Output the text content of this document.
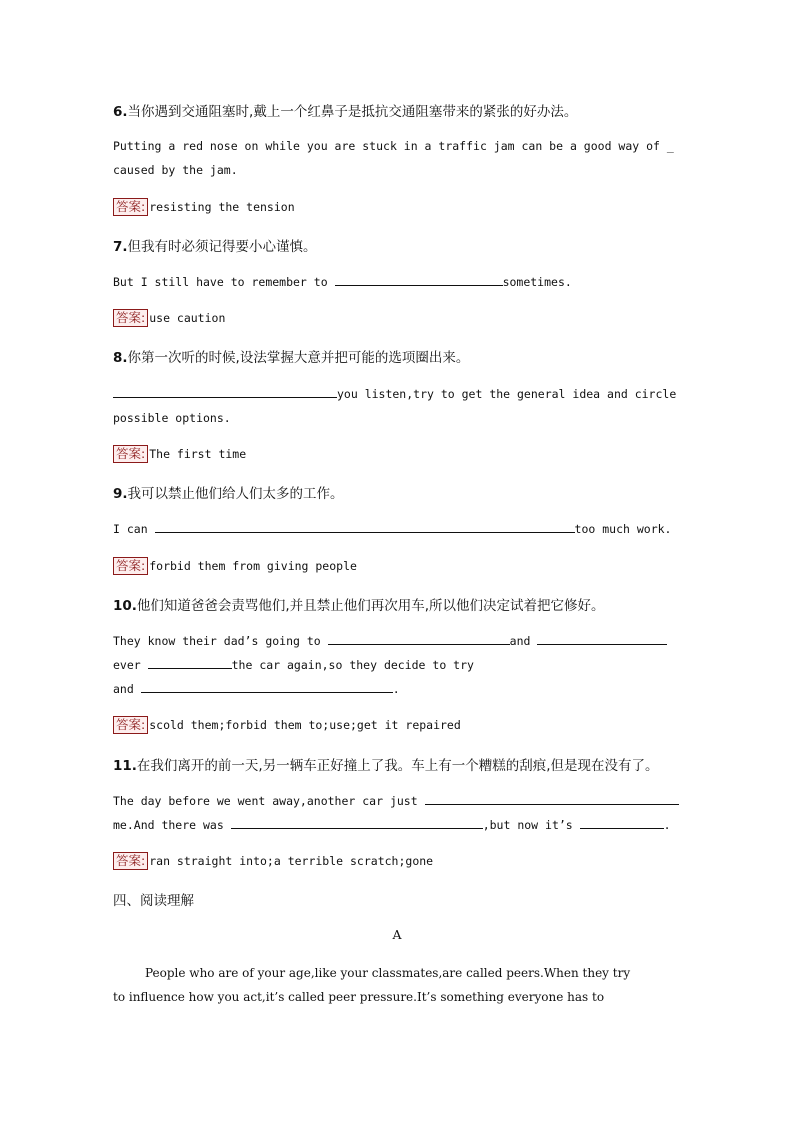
6.当你遇到交通阻塞时,戴上一个红鼻子是抵抗交通阻塞带来的紧张的好办法。
Putting a red nose on while you are stuck in a traffic jam can be a good way of _
caused by the jam.
答案: resisting the tension
7.但我有时必须记得要小心谨慎。
But I still have to remember to	sometimes.
答案: use caution
8.你第一次听的时候,设法掌握大意并把可能的选项圈出来。
you listen,try to get the general idea and circle
possible options.
答案: The first time
9.我可以禁止他们给人们太多的工作。
I can	too much work.
答案: forbid them from giving people
10.他们知道爸爸会责骂他们,并且禁止他们再次用车,所以他们决定试着把它修好。
They know their dad’s going to	and
ever	the car again,so they decide to try
and	.
答案: scold them;forbid them to;use;get it repaired
11.在我们离开的前一天,另一辆车正好撞上了我。车上有一个糟糕的刮痕,但是现在没有了。
The day before we went away,another car just
me.And there was	,but now it’s	.
答案: ran straight into;a terrible scratch;gone
四、阅读理解
A
People who are of your age,like your classmates,are called peers.When they try
to influence how you act,it’s called peer pressure.It’s something everyone has to
